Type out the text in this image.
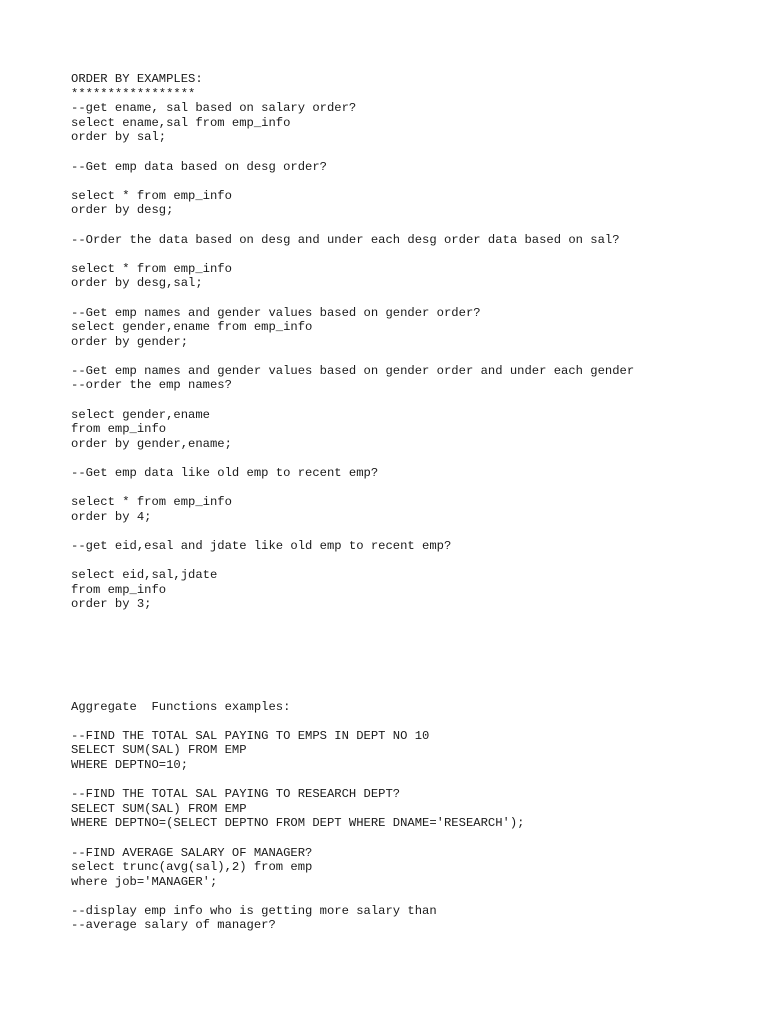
ORDER BY EXAMPLES:
*****************
--get ename, sal based on salary order?
select ename,sal from emp_info
order by sal;
--Get emp data based on desg order?
select * from emp_info
order by desg;
--Order the data based on desg and under each desg order data based on sal?
select * from emp_info
order by desg,sal;
--Get emp names and gender values based on gender order?
select gender,ename from emp_info
order by gender;
--Get emp names and gender values based on gender order and under each gender
--order the emp names?
select gender,ename
from emp_info
order by gender,ename;
--Get emp data like old emp to recent emp?
select * from emp_info
order by 4;
--get eid,esal and jdate like old emp to recent emp?
select eid,sal,jdate
from emp_info
order by 3;
Aggregate  Functions examples:
--FIND THE TOTAL SAL PAYING TO EMPS IN DEPT NO 10
SELECT SUM(SAL) FROM EMP
WHERE DEPTNO=10;
--FIND THE TOTAL SAL PAYING TO RESEARCH DEPT?
SELECT SUM(SAL) FROM EMP
WHERE DEPTNO=(SELECT DEPTNO FROM DEPT WHERE DNAME='RESEARCH');
--FIND AVERAGE SALARY OF MANAGER?
select trunc(avg(sal),2) from emp
where job='MANAGER';
--display emp info who is getting more salary than
--average salary of manager?
